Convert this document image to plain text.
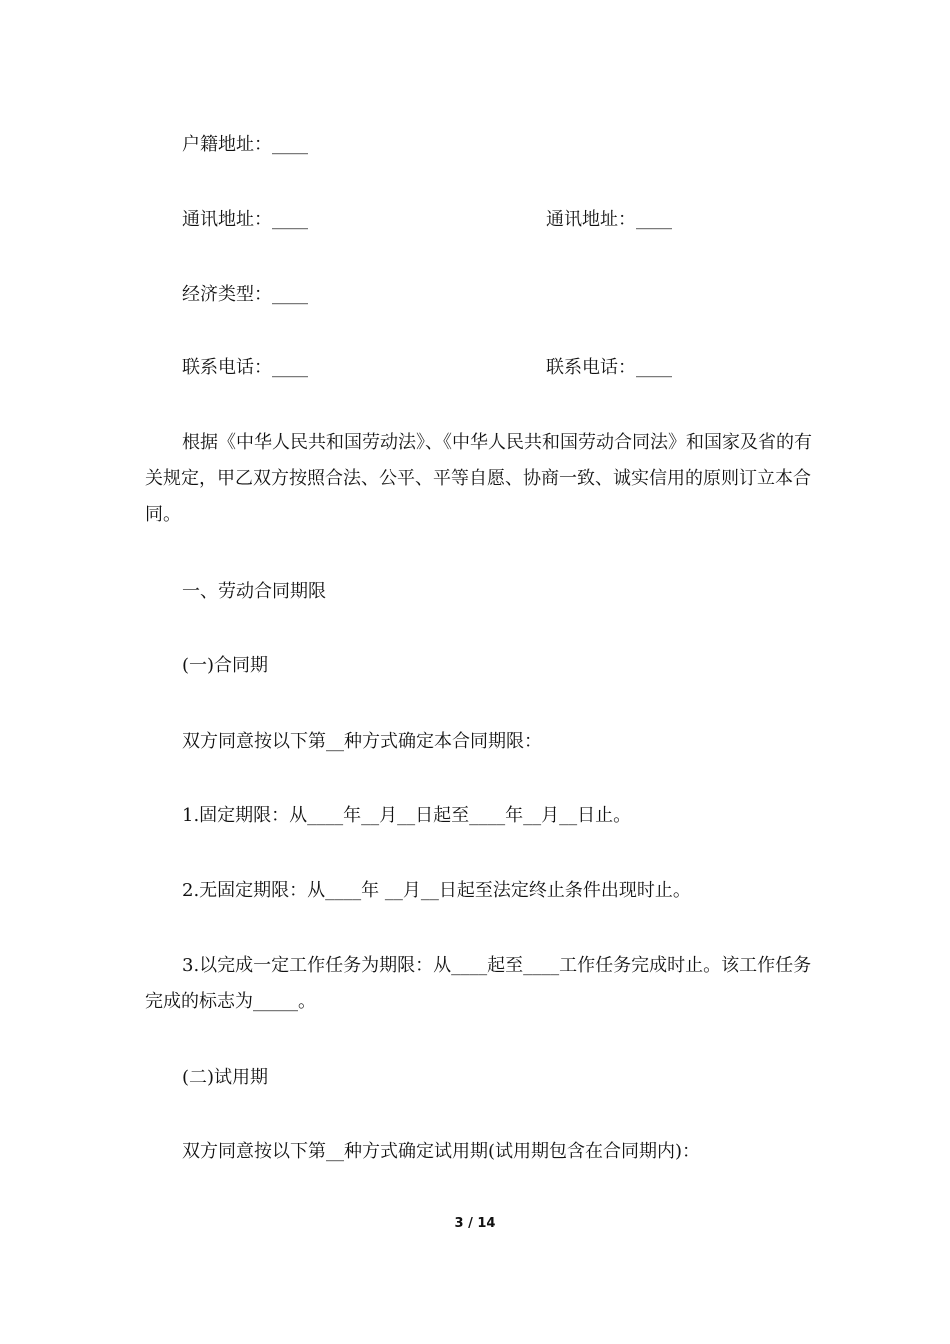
户籍地址：____
通讯地址：____	通讯地址：____
经济类型：____
联系电话：____	联系电话：____
根据《中华人民共和国劳动法》、《中华人民共和国劳动合同法》和国家及省的有关规定，甲乙双方按照合法、公平、平等自愿、协商一致、诚实信用的原则订立本合同。
一、劳动合同期限
(一)合同期
双方同意按以下第__种方式确定本合同期限：
1.固定期限：从____年__月__日起至____年__月__日止。
2.无固定期限：从____年 __月__日起至法定终止条件出现时止。
3.以完成一定工作任务为期限：从____起至____工作任务完成时止。该工作任务完成的标志为_____。
(二)试用期
双方同意按以下第__种方式确定试用期(试用期包含在合同期内)：
3 / 14
